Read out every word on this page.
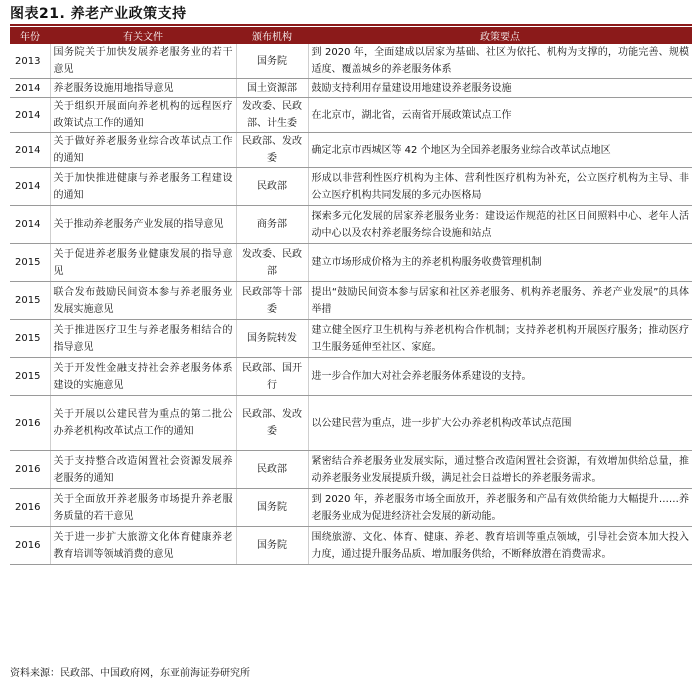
图表21. 养老产业政策支持
年份	有关文件	颁布机构	政策要点
2013	国务院关于加快发展养老服务业的若干意见	国务院	到 2020 年，全面建成以居家为基础、社区为依托、机构为支撑的，功能完善、规模适度、覆盖城乡的养老服务体系
2014	养老服务设施用地指导意见	国土资源部	鼓励支持利用存量建设用地建设养老服务设施
2014	关于组织开展面向养老机构的远程医疗政策试点工作的通知	发改委、民政部、计生委	在北京市，湖北省，云南省开展政策试点工作
2014	关于做好养老服务业综合改革试点工作的通知	民政部、发改委	确定北京市西城区等 42 个地区为全国养老服务业综合改革试点地区
2014	关于加快推进健康与养老服务工程建设的通知	民政部	形成以非营利性医疗机构为主体、营利性医疗机构为补充，公立医疗机构为主导、非公立医疗机构共同发展的多元办医格局
2014	关于推动养老服务产业发展的指导意见	商务部	探索多元化发展的居家养老服务业务：建设运作规范的社区日间照料中心、老年人活动中心以及农村养老服务综合设施和站点
2015	关于促进养老服务业健康发展的指导意见	发改委、民政部	建立市场形成价格为主的养老机构服务收费管理机制
2015	联合发布鼓励民间资本参与养老服务业发展实施意见	民政部等十部委	提出“鼓励民间资本参与居家和社区养老服务、机构养老服务、养老产业发展”的具体举措
2015	关于推进医疗卫生与养老服务相结合的指导意见	国务院转发	建立健全医疗卫生机构与养老机构合作机制；支持养老机构开展医疗服务；推动医疗卫生服务延伸至社区、家庭。
2015	关于开发性金融支持社会养老服务体系建设的实施意见	民政部、国开行	进一步合作加大对社会养老服务体系建设的支持。
2016	关于开展以公建民营为重点的第二批公办养老机构改革试点工作的通知	民政部、发改委	以公建民营为重点，进一步扩大公办养老机构改革试点范围
2016	关于支持整合改造闲置社会资源发展养老服务的通知	民政部	紧密结合养老服务业发展实际，通过整合改造闲置社会资源，有效增加供给总量，推动养老服务业发展提质升级，满足社会日益增长的养老服务需求。
2016	关于全面放开养老服务市场提升养老服务质量的若干意见	国务院	到 2020 年，养老服务市场全面放开，养老服务和产品有效供给能力大幅提升……养老服务业成为促进经济社会发展的新动能。
2016	关于进一步扩大旅游文化体育健康养老教育培训等领域消费的意见	国务院	围绕旅游、文化、体育、健康、养老、教育培训等重点领域，引导社会资本加大投入力度，通过提升服务品质、增加服务供给，不断释放潜在消费需求。
资料来源：民政部、中国政府网，东亚前海证券研究所
